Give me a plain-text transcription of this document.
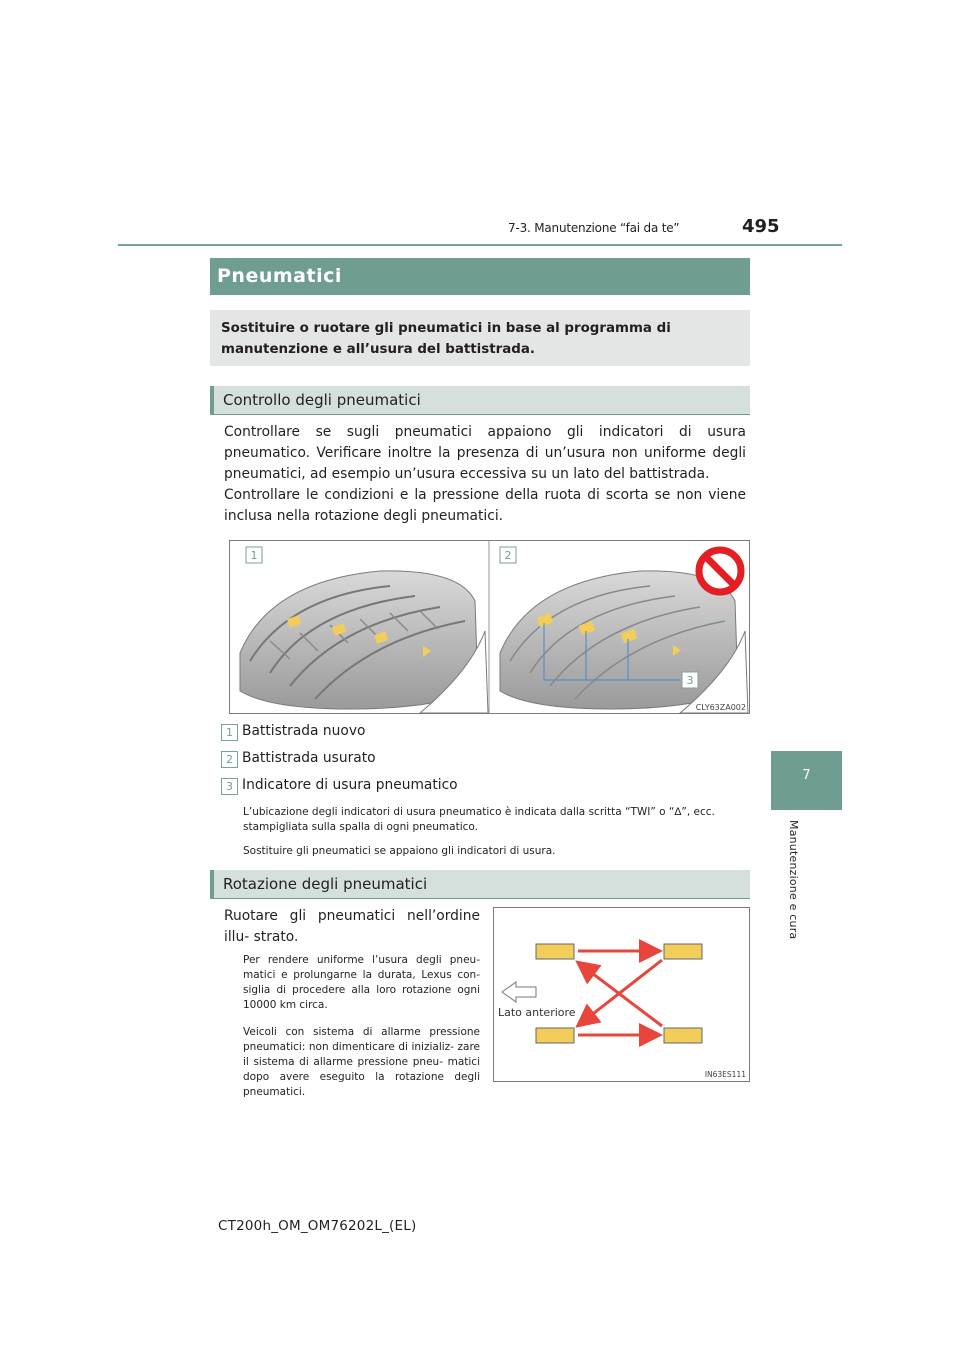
7-3. Manutenzione “fai da te”	495
7
Manutenzione e cura
Pneumatici
Sostituire o ruotare gli pneumatici in base al programma di manutenzione e all’usura del battistrada.
Controllo degli pneumatici
Controllare se sugli pneumatici appaiono gli indicatori di usura pneumatico. Verificare inoltre la presenza di un’usura non uniforme degli pneumatici, ad esempio un’usura eccessiva su un lato del battistrada.
Controllare le condizioni e la pressione della ruota di scorta se non viene inclusa nella rotazione degli pneumatici.
1	2
3
CLY63ZA002
1 Battistrada nuovo
2 Battistrada usurato
3 Indicatore di usura pneumatico
L’ubicazione degli indicatori di usura pneumatico è indicata dalla scritta “TWI” o “∆”, ecc. stampigliata sulla spalla di ogni pneumatico.
Sostituire gli pneumatici se appaiono gli indicatori di usura.
Rotazione degli pneumatici
Ruotare gli pneumatici nell’ordine illu- strato.
Per rendere uniforme l’usura degli pneu- matici e prolungarne la durata, Lexus con- siglia di procedere alla loro rotazione ogni 10000 km circa.
Veicoli con sistema di allarme pressione pneumatici: non dimenticare di inizializ- zare il sistema di allarme pressione pneu- matici dopo avere eseguito la rotazione degli pneumatici.
Lato anteriore
IN63ES111
CT200h_OM_OM76202L_(EL)
